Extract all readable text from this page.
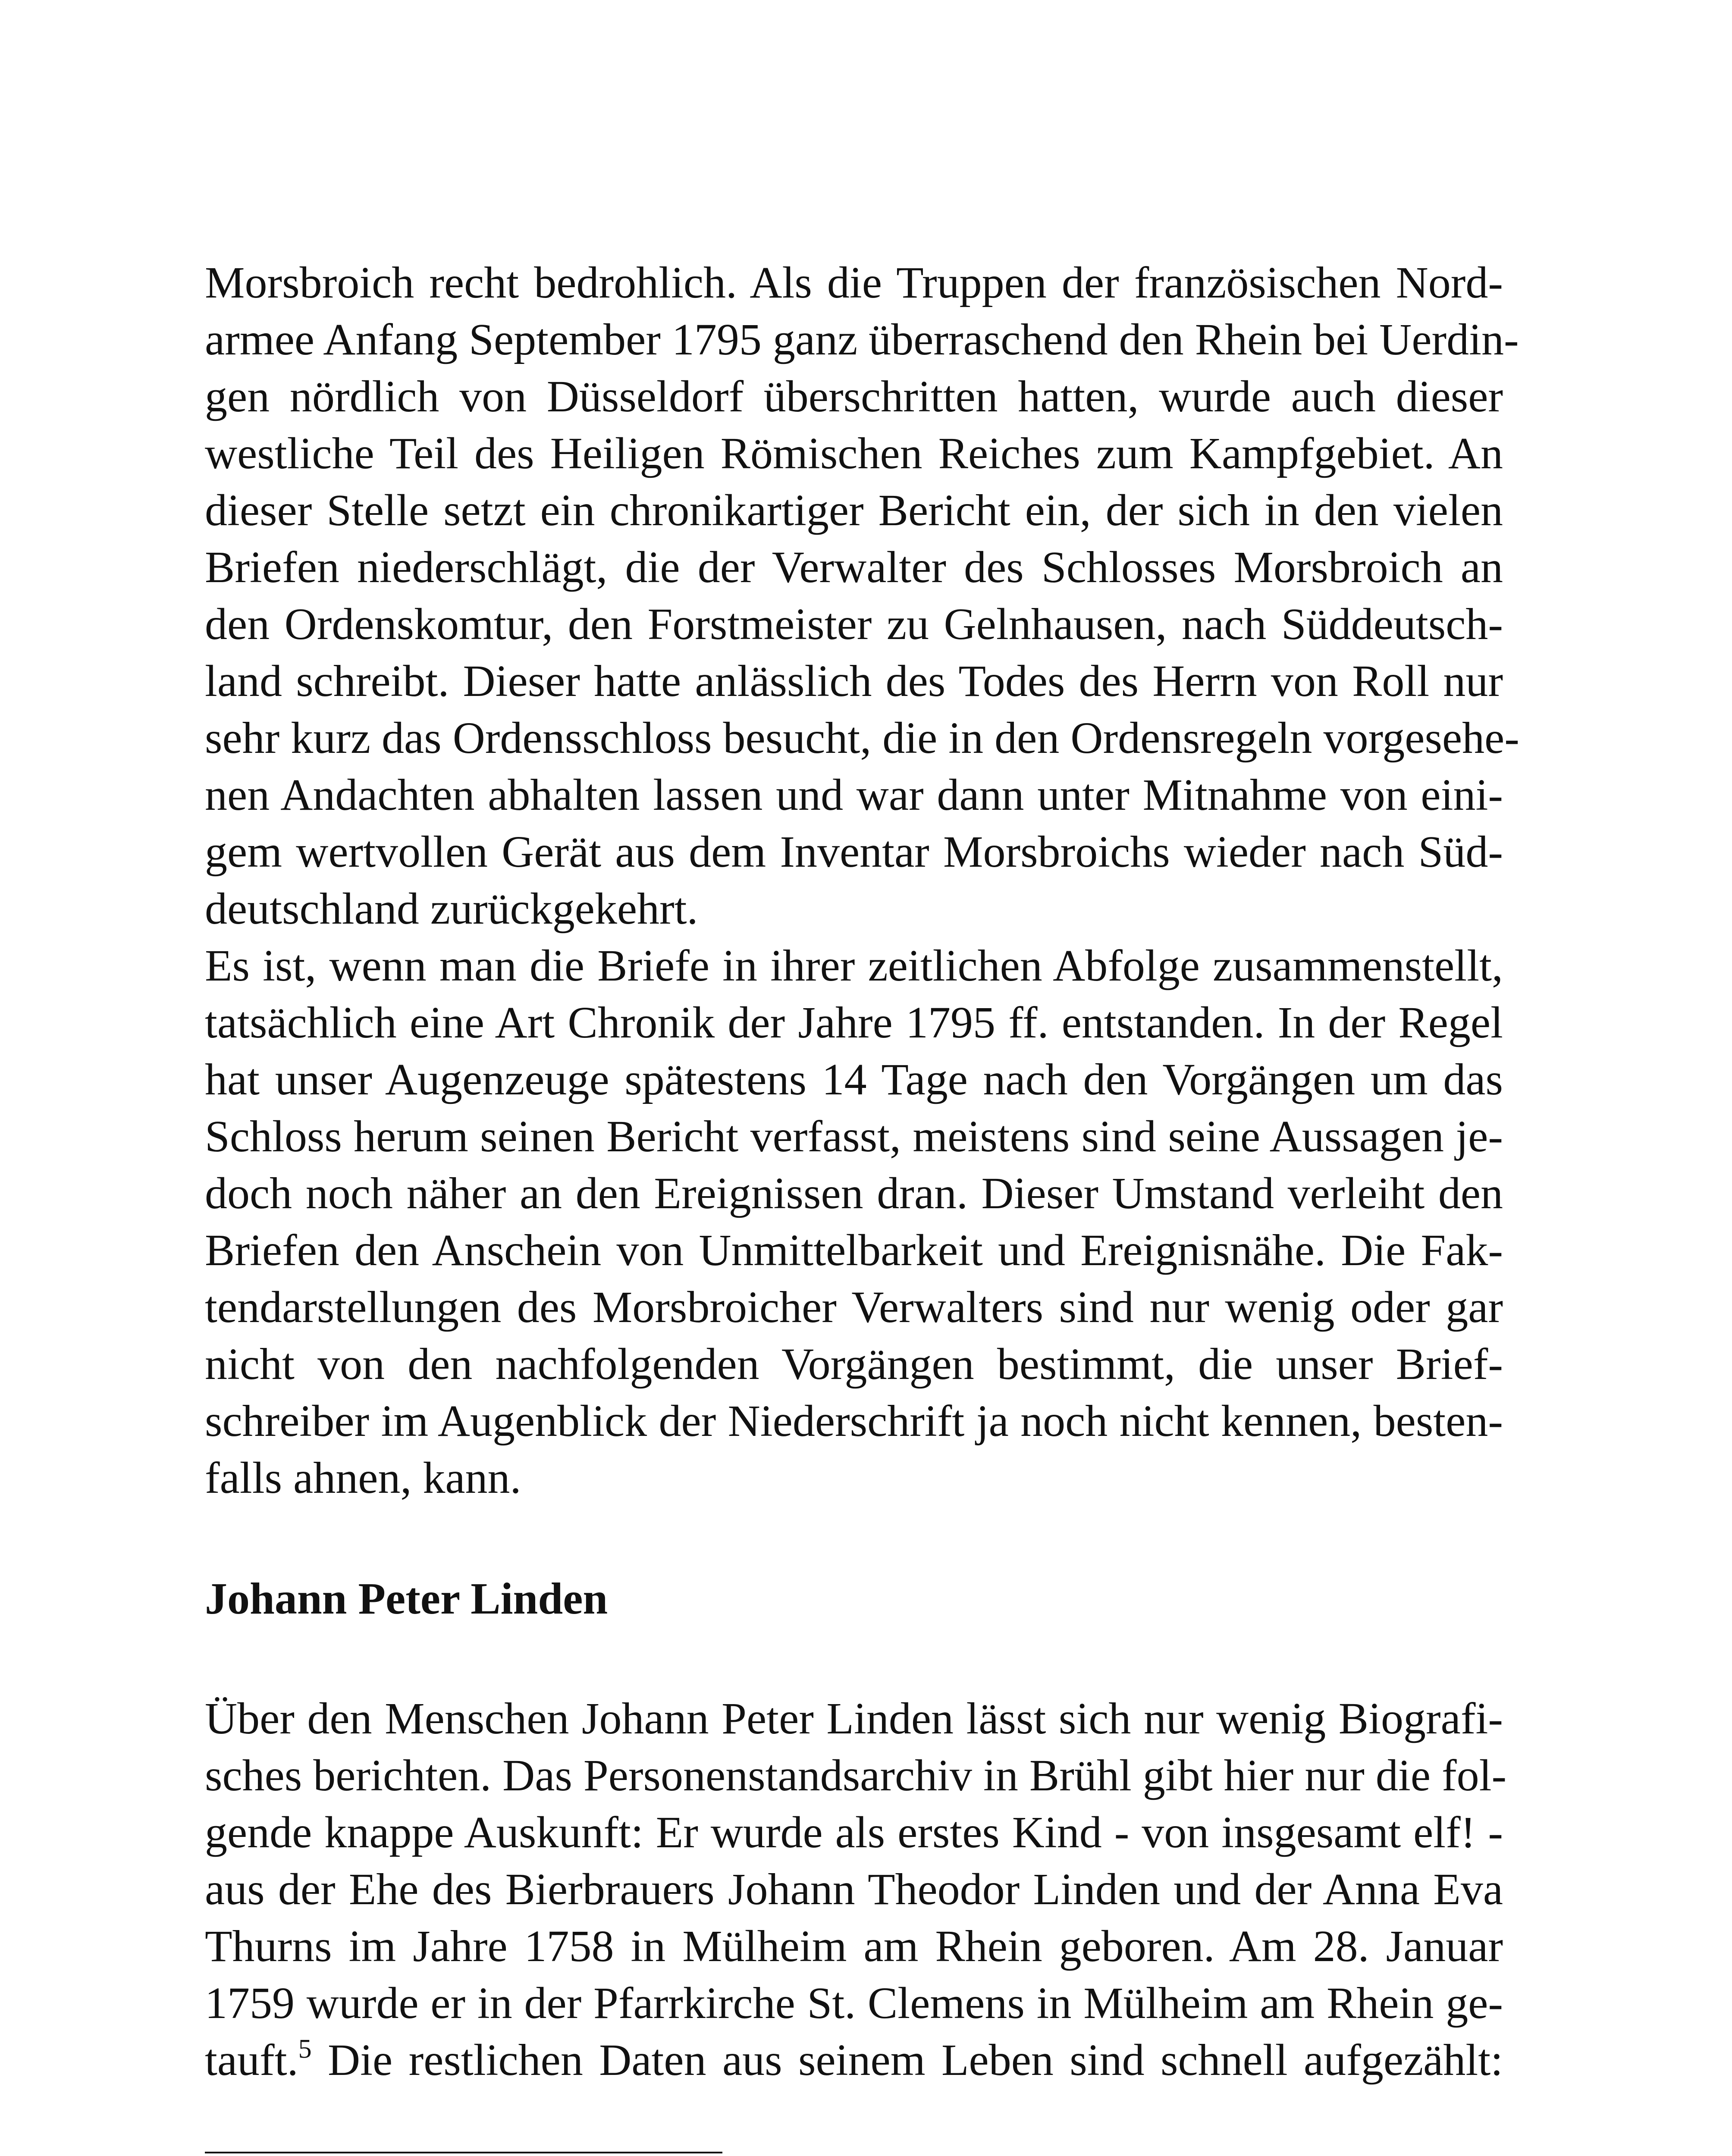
Morsbroich recht bedrohlich. Als die Truppen der französischen Nord-
armee Anfang September 1795 ganz überraschend den Rhein bei Uerdin-
gen nördlich von Düsseldorf überschritten hatten, wurde auch dieser
westliche Teil des Heiligen Römischen Reiches zum Kampfgebiet. An
dieser Stelle setzt ein chronikartiger Bericht ein, der sich in den vielen
Briefen niederschlägt, die der Verwalter des Schlosses Morsbroich an
den Ordenskomtur, den Forstmeister zu Gelnhausen, nach Süddeutsch-
land schreibt. Dieser hatte anlässlich des Todes des Herrn von Roll nur
sehr kurz das Ordensschloss besucht, die in den Ordensregeln vorgesehe-
nen Andachten abhalten lassen und war dann unter Mitnahme von eini-
gem wertvollen Gerät aus dem Inventar Morsbroichs wieder nach Süd-
deutschland zurückgekehrt.
Es ist, wenn man die Briefe in ihrer zeitlichen Abfolge zusammenstellt,
tatsächlich eine Art Chronik der Jahre 1795 ff. entstanden. In der Regel
hat unser Augenzeuge spätestens 14 Tage nach den Vorgängen um das
Schloss herum seinen Bericht verfasst, meistens sind seine Aussagen je-
doch noch näher an den Ereignissen dran. Dieser Umstand verleiht den
Briefen den Anschein von Unmittelbarkeit und Ereignisnähe. Die Fak-
tendarstellungen des Morsbroicher Verwalters sind nur wenig oder gar
nicht von den nachfolgenden Vorgängen bestimmt, die unser Brief-
schreiber im Augenblick der Niederschrift ja noch nicht kennen, besten-
falls ahnen, kann.
Johann Peter Linden
Über den Menschen Johann Peter Linden lässt sich nur wenig Biografi-
sches berichten. Das Personenstandsarchiv in Brühl gibt hier nur die fol-
gende knappe Auskunft: Er wurde als erstes Kind - von insgesamt elf! -
aus der Ehe des Bierbrauers Johann Theodor Linden und der Anna Eva
Thurns im Jahre 1758 in Mülheim am Rhein geboren. Am 28. Januar
1759 wurde er in der Pfarrkirche St. Clemens in Mülheim am Rhein ge-
tauft.$^5$ Die restlichen Daten aus seinem Leben sind schnell aufgezählt:
